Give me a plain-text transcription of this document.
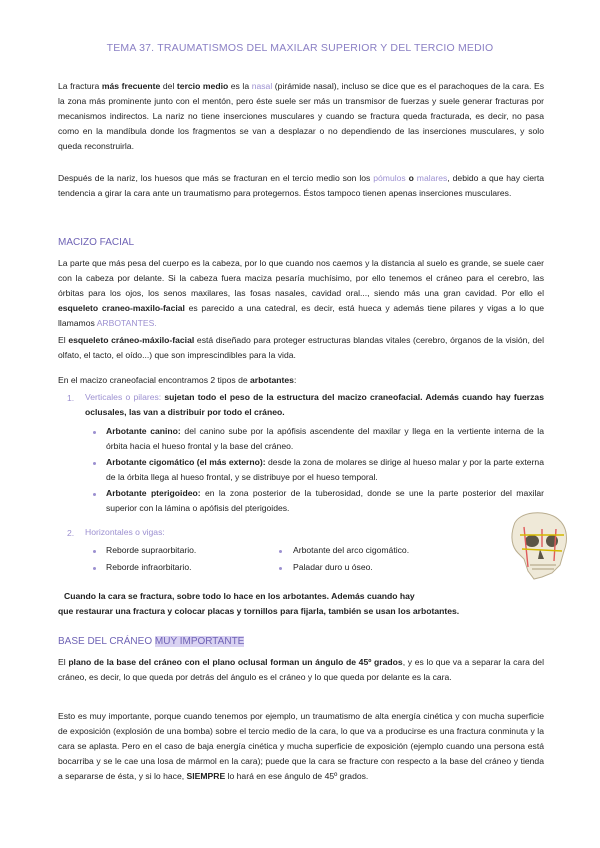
TEMA 37. TRAUMATISMOS DEL MAXILAR SUPERIOR Y DEL TERCIO MEDIO
La fractura más frecuente del tercio medio es la nasal (pirámide nasal), incluso se dice que es el parachoques de la cara. Es la zona más prominente junto con el mentón, pero éste suele ser más un transmisor de fuerzas y suele generar fracturas por mecanismos indirectos. La nariz no tiene inserciones musculares y cuando se fractura queda fracturada, es decir, no pasa como en la mandíbula donde los fragmentos se van a desplazar o no dependiendo de las inserciones musculares, y solo queda reconstruirla.
Después de la nariz, los huesos que más se fracturan en el tercio medio son los pómulos o malares, debido a que hay cierta tendencia a girar la cara ante un traumatismo para protegernos. Éstos tampoco tienen apenas inserciones musculares.
MACIZO FACIAL
La parte que más pesa del cuerpo es la cabeza, por lo que cuando nos caemos y la distancia al suelo es grande, se suele caer con la cabeza por delante. Si la cabeza fuera maciza pesaría muchísimo, por ello tenemos el cráneo para el cerebro, las órbitas para los ojos, los senos maxilares, las fosas nasales, cavidad oral..., siendo más una gran cavidad. Por ello el esqueleto craneo-maxilo-facial es parecido a una catedral, es decir, está hueca y además tiene pilares y vigas a lo que llamamos ARBOTANTES.
El esqueleto cráneo-máxilo-facial está diseñado para proteger estructuras blandas vitales (cerebro, órganos de la visión, del olfato, el tacto, el oído...) que son imprescindibles para la vida.
En el macizo craneofacial encontramos 2 tipos de arbotantes:
1. Verticales o pilares: sujetan todo el peso de la estructura del macizo craneofacial. Además cuando hay fuerzas oclusales, las van a distribuir por todo el cráneo.
Arbotante canino: del canino sube por la apófisis ascendente del maxilar y llega en la vertiente interna de la órbita hacia el hueso frontal y la base del cráneo.
Arbotante cigomático (el más externo): desde la zona de molares se dirige al hueso malar y por la parte externa de la órbita llega al hueso frontal, y se distribuye por el hueso temporal.
Arbotante pterigoideo: en la zona posterior de la tuberosidad, donde se une la parte posterior del maxilar superior con la lámina o apófisis del pterigoides.
2. Horizontales o vigas:
Reborde supraorbitario.
Reborde infraorbitario.
Arbotante del arco cigomático.
Paladar duro u óseo.
Cuando la cara se fractura, sobre todo lo hace en los arbotantes. Además cuando hay
que restaurar una fractura y colocar placas y tornillos para fijarla, también se usan los arbotantes.
BASE DEL CRÁNEO MUY IMPORTANTE
El plano de la base del cráneo con el plano oclusal forman un ángulo de 45º grados, y es lo que va a separar la cara del cráneo, es decir, lo que queda por detrás del ángulo es el cráneo y lo que queda por delante es la cara.
Esto es muy importante, porque cuando tenemos por ejemplo, un traumatismo de alta energía cinética y con mucha superficie de exposición (explosión de una bomba) sobre el tercio medio de la cara, lo que va a producirse es una fractura conminuta y la cara se aplasta. Pero en el caso de baja energía cinética y mucha superficie de exposición (ejemplo cuando una persona está bocarriba y se le cae una losa de mármol en la cara); puede que la cara se fracture con respecto a la base del cráneo y tienda a separarse de ésta, y si lo hace, SIEMPRE lo hará en ese ángulo de 45º grados.
